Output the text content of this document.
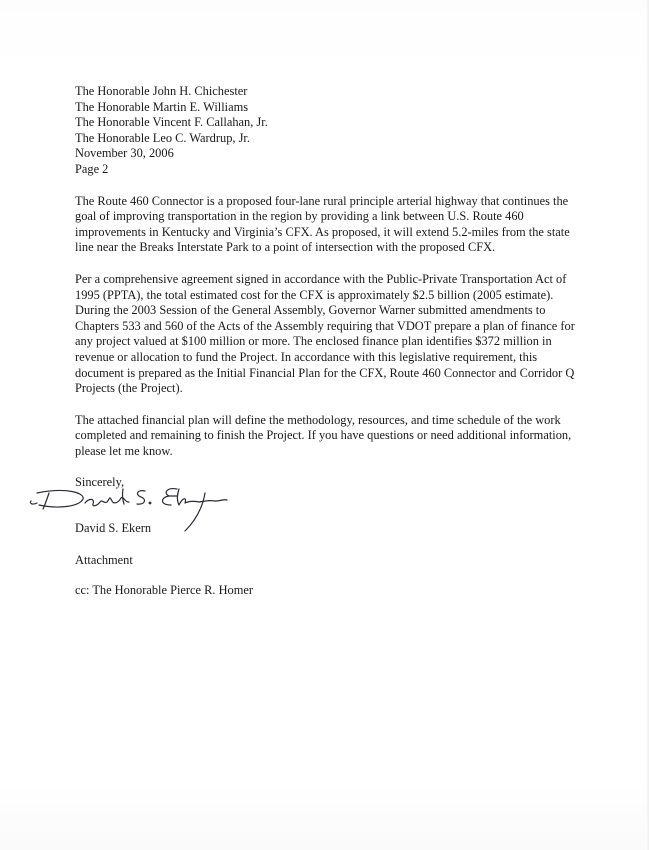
The Honorable John H. Chichester
The Honorable Martin E. Williams
The Honorable Vincent F. Callahan, Jr.
The Honorable Leo C. Wardrup, Jr.
November 30, 2006
Page 2

The Route 460 Connector is a proposed four-lane rural principle arterial highway that continues the goal of improving transportation in the region by providing a link between U.S. Route 460 improvements in Kentucky and Virginia’s CFX. As proposed, it will extend 5.2-miles from the state line near the Breaks Interstate Park to a point of intersection with the proposed CFX.

Per a comprehensive agreement signed in accordance with the Public-Private Transportation Act of 1995 (PPTA), the total estimated cost for the CFX is approximately $2.5 billion (2005 estimate). During the 2003 Session of the General Assembly, Governor Warner submitted amendments to Chapters 533 and 560 of the Acts of the Assembly requiring that VDOT prepare a plan of finance for any project valued at $100 million or more. The enclosed finance plan identifies $372 million in revenue or allocation to fund the Project. In accordance with this legislative requirement, this document is prepared as the Initial Financial Plan for the CFX, Route 460 Connector and Corridor Q Projects (the Project).

The attached financial plan will define the methodology, resources, and time schedule of the work completed and remaining to finish the Project. If you have questions or need additional information, please let me know.

Sincerely,
David S. Ekern
Attachment
cc: The Honorable Pierce R. Homer
